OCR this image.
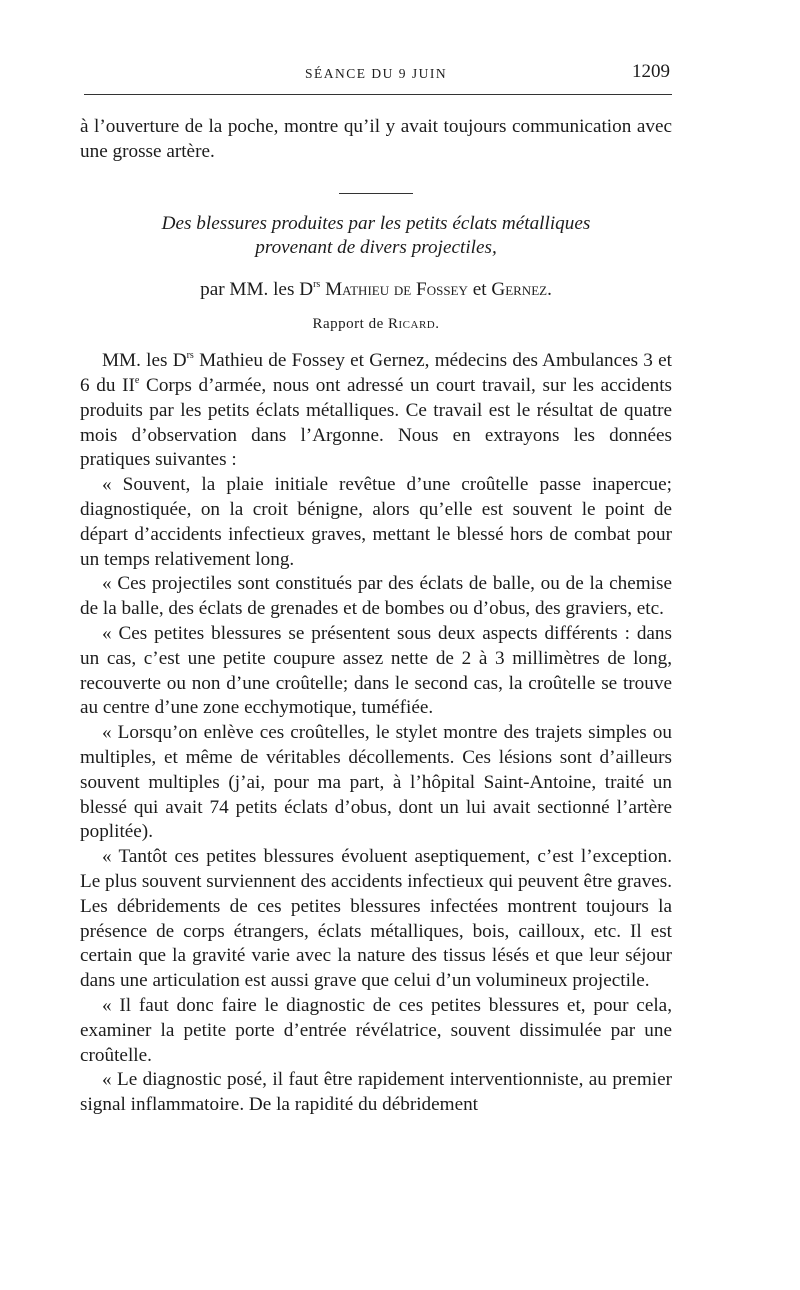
SÉANCE DU 9 JUIN	1209

à l’ouverture de la poche, montre qu’il y avait toujours communication avec une grosse artère.

Des blessures produites par les petits éclats métalliques
provenant de divers projectiles,
par MM. les $D^{rs}$ Mathieu de Fossey et Gernez.
Rapport de Ricard.

MM. les $D^{rs}$ Mathieu de Fossey et Gernez, médecins des Ambulances 3 et 6 du IIe Corps d’armée, nous ont adressé un court travail, sur les accidents produits par les petits éclats métalliques. Ce travail est le résultat de quatre mois d’observation dans l’Argonne. Nous en extrayons les données pratiques suivantes :

« Souvent, la plaie initiale revêtue d’une croûtelle passe inapercue; diagnostiquée, on la croit bénigne, alors qu’elle est souvent le point de départ d’accidents infectieux graves, mettant le blessé hors de combat pour un temps relativement long.

« Ces projectiles sont constitués par des éclats de balle, ou de la chemise de la balle, des éclats de grenades et de bombes ou d’obus, des graviers, etc.

« Ces petites blessures se présentent sous deux aspects différents : dans un cas, c’est une petite coupure assez nette de 2 à 3 millimètres de long, recouverte ou non d’une croûtelle; dans le second cas, la croûtelle se trouve au centre d’une zone ecchymotique, tuméfiée.

« Lorsqu’on enlève ces croûtelles, le stylet montre des trajets simples ou multiples, et même de véritables décollements. Ces lésions sont d’ailleurs souvent multiples (j’ai, pour ma part, à l’hôpital Saint-Antoine, traité un blessé qui avait 74 petits éclats d’obus, dont un lui avait sectionné l’artère poplitée).

« Tantôt ces petites blessures évoluent aseptiquement, c’est l’exception. Le plus souvent surviennent des accidents infectieux qui peuvent être graves. Les débridements de ces petites blessures infectées montrent toujours la présence de corps étrangers, éclats métalliques, bois, cailloux, etc. Il est certain que la gravité varie avec la nature des tissus lésés et que leur séjour dans une articulation est aussi grave que celui d’un volumineux projectile.

« Il faut donc faire le diagnostic de ces petites blessures et, pour cela, examiner la petite porte d’entrée révélatrice, souvent dissimulée par une croûtelle.

« Le diagnostic posé, il faut être rapidement interventionniste, au premier signal inflammatoire. De la rapidité du débridement
